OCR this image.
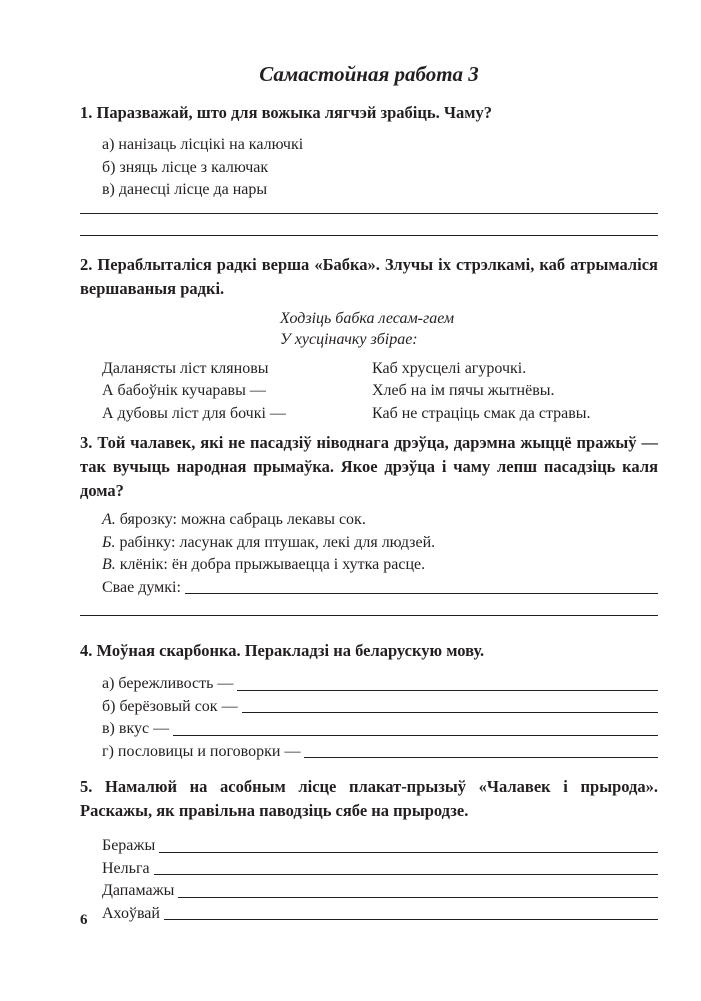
Самастойная работа 3

1. Паразважай, што для вожыка лягчэй зрабіць. Чаму?

а) нанізаць лісцікі на калючкі

б) зняць лісце з калючак

в) данесці лісце да нары

2. Пераблыталіся радкі верша «Бабка». Злучы іх стрэлкамі, каб атрымаліся вершаваныя радкі.

Ходзіць бабка лесам-гаем

У хусціначку збірае:

Даланясты ліст кляновы
А бабоўнік кучаравы —
А дубовы ліст для бочкі —
Каб хрусцелі агурочкі.
Хлеб на ім пячы жытнёвы.
Каб не страціць смак да стравы.

3. Той чалавек, які не пасадзіў ніводнага дрэўца, дарэмна жыццё пражыў — так вучыць народная прымаўка. Якое дрэўца і чаму лепш пасадзіць каля дома?

А. бярозку: можна сабраць лекавы сок.

Б. рабінку: ласунак для птушак, лекі для людзей.

В. клёнік: ён добра прыжываецца і хутка расце.

Свае думкі:

4. Моўная скарбонка. Перакладзі на беларускую мову.

а) бережливость —
б) берёзовый сок —
в) вкус —
г) пословицы и поговорки —

5. Намалюй на асобным лісце плакат-прызыў «Чалавек і прырода». Раскажы, як правільна паводзіць сябе на прыродзе.

Беражы
Нельга
Дапамажы
Ахоўвай
6
